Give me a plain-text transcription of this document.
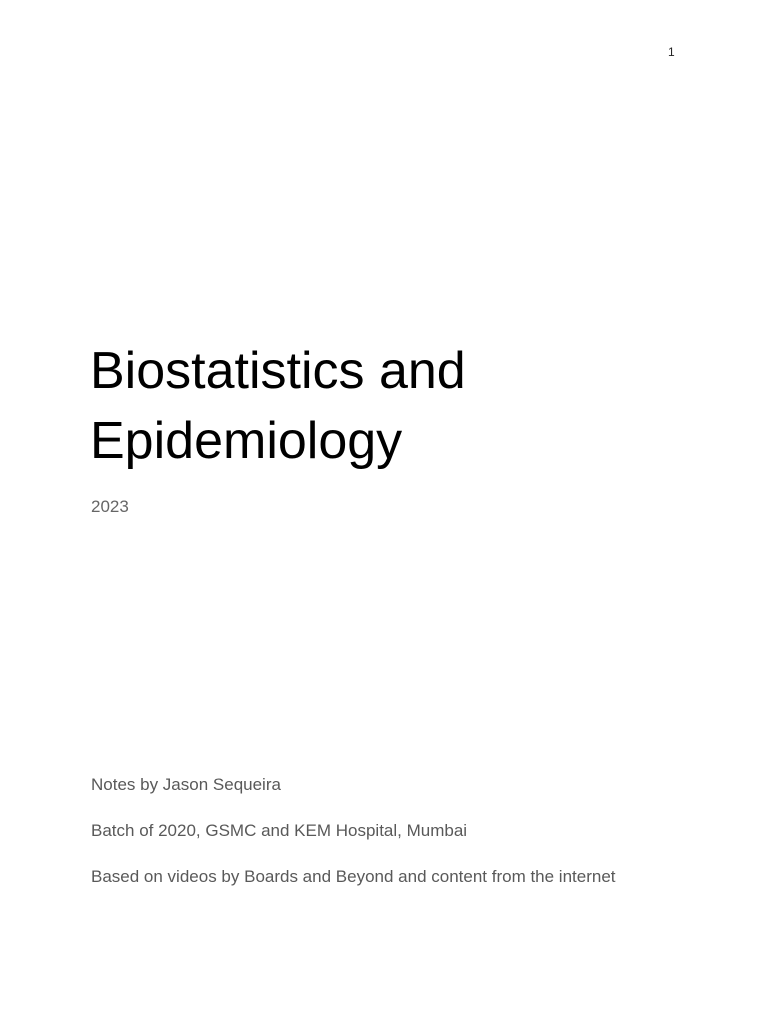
1
Biostatistics and
Epidemiology
2023
Notes by Jason Sequeira
Batch of 2020, GSMC and KEM Hospital, Mumbai
Based on videos by Boards and Beyond and content from the internet
